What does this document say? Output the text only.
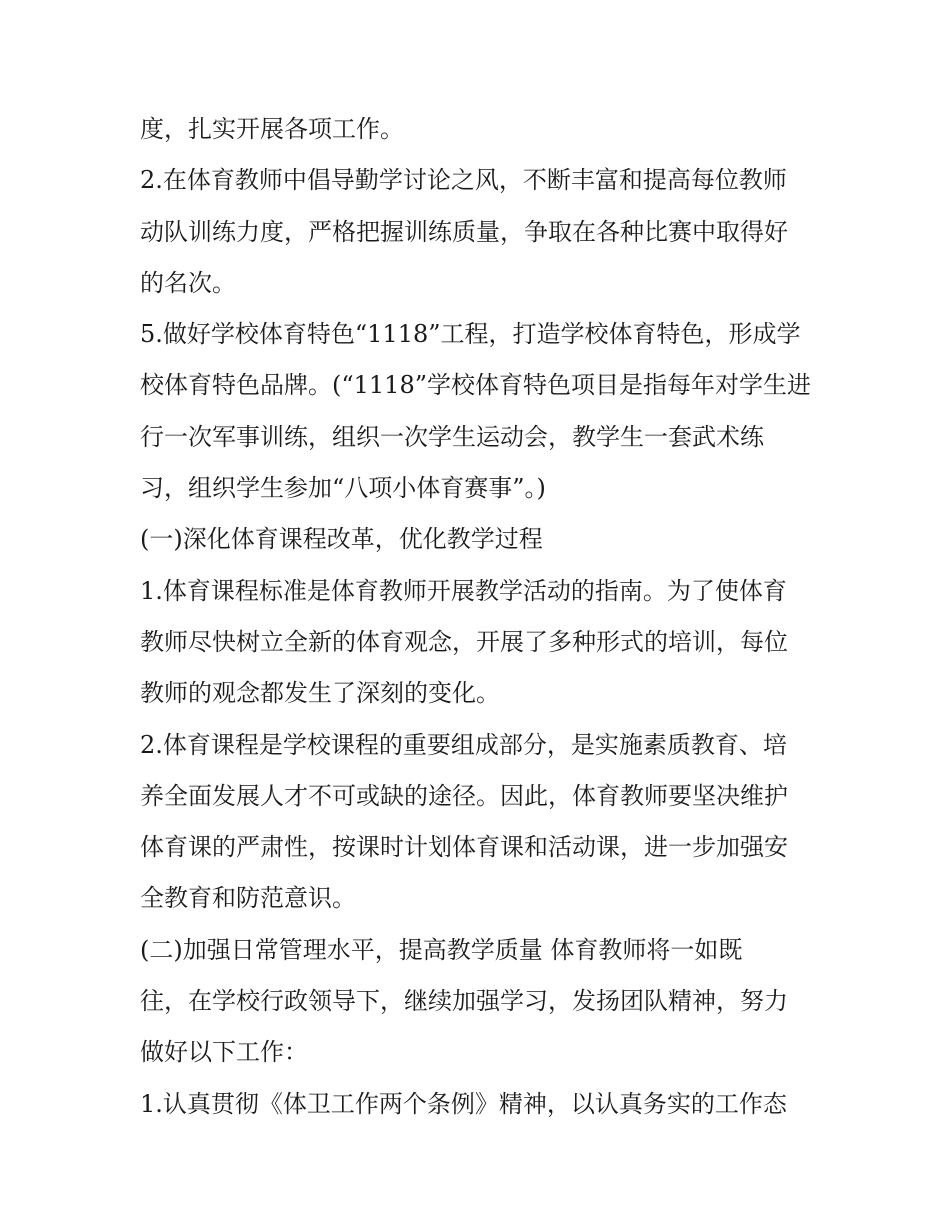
度，扎实开展各项工作。
2.在体育教师中倡导勤学讨论之风，不断丰富和提高每位教师
动队训练力度，严格把握训练质量，争取在各种比赛中取得好
的名次。
5.做好学校体育特色“1118”工程，打造学校体育特色，形成学
校体育特色品牌。(“1118”学校体育特色项目是指每年对学生进
行一次军事训练，组织一次学生运动会，教学生一套武术练
习，组织学生参加“八项小体育赛事”。)
(一)深化体育课程改革，优化教学过程
1.体育课程标准是体育教师开展教学活动的指南。为了使体育
教师尽快树立全新的体育观念，开展了多种形式的培训，每位
教师的观念都发生了深刻的变化。
2.体育课程是学校课程的重要组成部分，是实施素质教育、培
养全面发展人才不可或缺的途径。因此，体育教师要坚决维护
体育课的严肃性，按课时计划体育课和活动课，进一步加强安
全教育和防范意识。
(二)加强日常管理水平，提高教学质量 体育教师将一如既
往，在学校行政领导下，继续加强学习，发扬团队精神，努力
做好以下工作：
1.认真贯彻《体卫工作两个条例》精神，以认真务实的工作态
